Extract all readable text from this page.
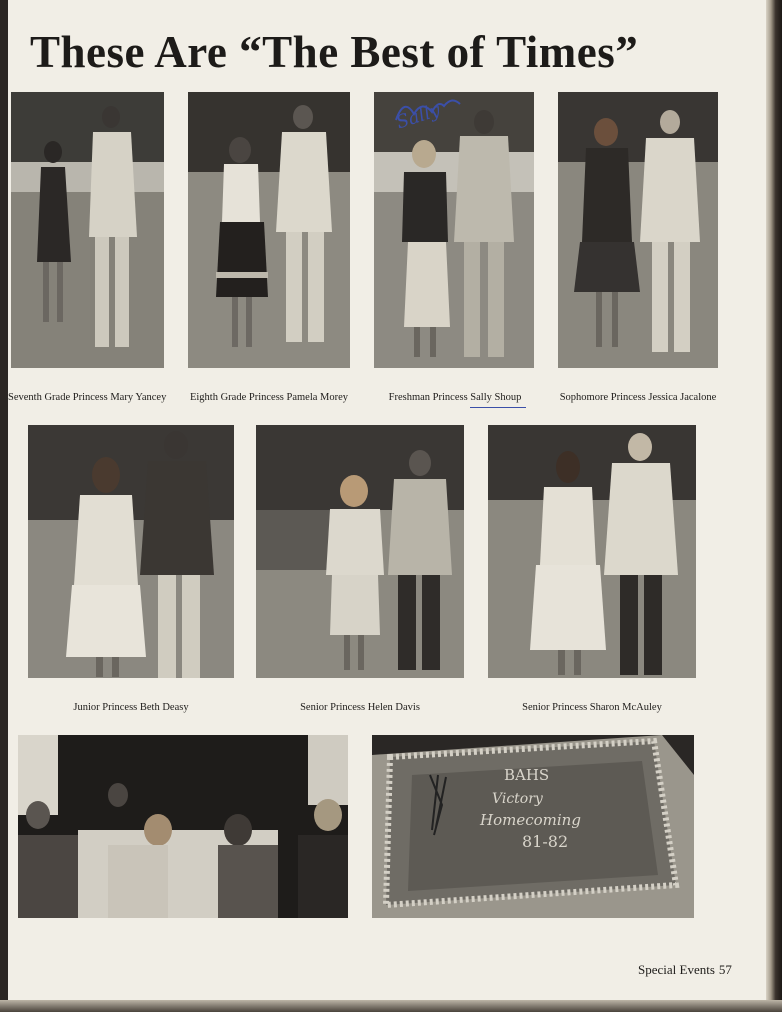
These Are “The Best of Times”
Seventh Grade Princess Mary Yancey	Eighth Grade Princess Pamela Morey	Freshman Princess Sally Shoup	Sophomore Princess Jessica Jacalone
Junior Princess Beth Deasy	Senior Princess Helen Davis	Senior Princess Sharon McAuley
BAHS
Victory
Homecoming
81-82
Sally
Special Events 57
